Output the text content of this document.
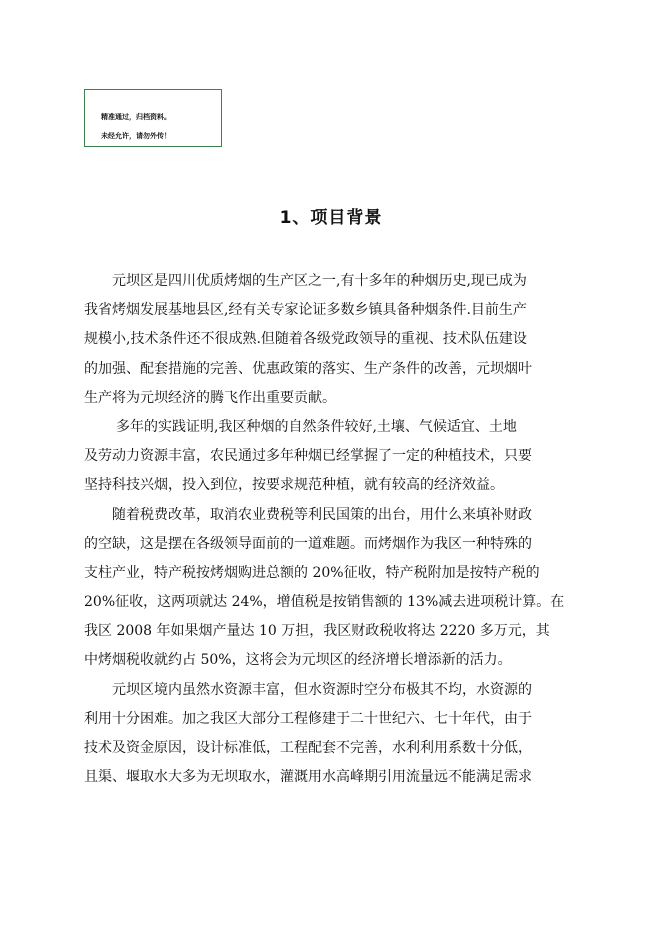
精准通过，归档资料。
未经允许，请勿外传！
1、项目背景
元坝区是四川优质烤烟的生产区之一,有十多年的种烟历史,现已成为
我省烤烟发展基地县区,经有关专家论证多数乡镇具备种烟条件.目前生产
规模小,技术条件还不很成熟.但随着各级党政领导的重视、技术队伍建设
的加强、配套措施的完善、优惠政策的落实、生产条件的改善，元坝烟叶
生产将为元坝经济的腾飞作出重要贡献。
多年的实践证明,我区种烟的自然条件较好,土壤、气候适宜、土地
及劳动力资源丰富，农民通过多年种烟已经掌握了一定的种植技术，只要
坚持科技兴烟，投入到位，按要求规范种植，就有较高的经济效益。
随着税费改革，取消农业费税等利民国策的出台，用什么来填补财政
的空缺，这是摆在各级领导面前的一道难题。而烤烟作为我区一种特殊的
支柱产业，特产税按烤烟购进总额的 20%征收，特产税附加是按特产税的
20%征收，这两项就达 24%，增值税是按销售额的 13%减去进项税计算。在
我区 2008 年如果烟产量达 10 万担，我区财政税收将达 2220 多万元，其
中烤烟税收就约占 50%，这将会为元坝区的经济增长增添新的活力。
元坝区境内虽然水资源丰富，但水资源时空分布极其不均，水资源的
利用十分困难。加之我区大部分工程修建于二十世纪六、七十年代，由于
技术及资金原因，设计标准低，工程配套不完善，水利利用系数十分低，
且渠、堰取水大多为无坝取水，灌溉用水高峰期引用流量远不能满足需求
